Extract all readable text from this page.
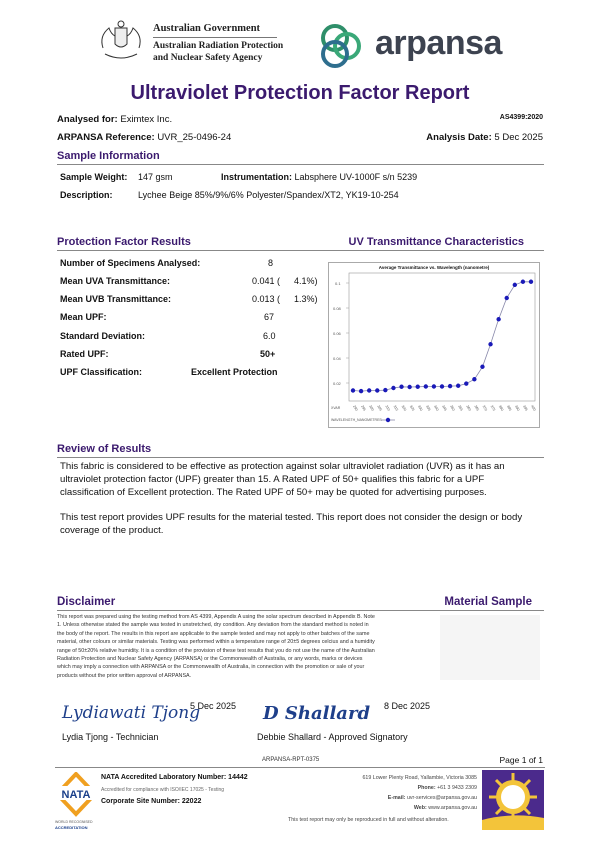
Australian Government
Australian Radiation Protection
and Nuclear Safety Agency	arpansa
Ultraviolet Protection Factor Report
Analysed for: Eximtex Inc.	AS4399:2020
ARPANSA Reference: UVR_25-0496-24	Analysis Date: 5 Dec 2025
Sample Information
Sample Weight: 147 gsm	Instrumentation: Labsphere UV-1000F s/n 5239
Description:	Lychee Beige 85%/9%/6% Polyester/Spandex/XT2, YK19-10-254
Protection Factor Results	UV Transmittance Characteristics
Number of Specimens Analysed:	8
Mean UVA Transmittance:	0.041 ( 4.1%)
Mean UVB Transmittance:	0.013 ( 1.3%)
Mean UPF:	67
Standard Deviation:	6.0
Rated UPF:	50+
UPF Classification:	Excellent Protection
Average Transmittance vs. Wavelength (nanometre)
0.1
0.08
0.06
0.04
0.02
290 295 300 305 310 315 320 325 330 335 340 345 350 355 360 365 370 375 380 385 390 395 400
XVAR
WAVELENGTH_NANOMETRES
Review of Results

This fabric is considered to be effective as protection against solar ultraviolet radiation (UVR) as it has an ultraviolet protection factor (UPF) greater than 15. A Rated UPF of 50+ qualifies this fabric for a UPF classification of Excellent protection. The Rated UPF of 50+ may be quoted for advertising purposes.

This test report provides UPF results for the material tested. This report does not consider the design or body coverage of the product.

Disclaimer	Material Sample
This report was prepared using the testing method from AS 4399, Appendix A using the solar spectrum described in Appendix B. Note 1. Unless otherwise stated the sample was tested in unstretched, dry condition. Any deviation from the standard method is noted in the body of the report. The results in this report are applicable to the sample tested and may not apply to other batches of the same material, other colours or similar materials. Testing was performed within a temperature range of 20±5 degrees celcius and a humidity range of 50±20% relative humidity. It is a condition of the provision of these test results that you do not use the name of the Australian Radiation Protection and Nuclear Safety Agency (ARPANSA) or the Commonwealth of Australia, or any words, marks or devices which may imply a connection with ARPANSA or the Commonwealth of Australia, in connection with the promotion or sale of your products without the prior written approval of ARPANSA.
Lydiawati Tjong
5 Dec 2025 D Shallard 8 Dec 2025
Lydia Tjong - Technician	Debbie Shallard - Approved Signatory
ARPANSA-RPT-0375	Page 1 of 1
NATA
WORLD RECOGNISED
ACCREDITATION
NATA Accredited Laboratory Number: 14442
Accredited for compliance with ISO/IEC 17025 - Testing
Corporate Site Number: 22022
619 Lower Plenty Road, Yallambie, Victoria 3085
Phone: +61 3 9433 2309
E-mail: uvr-services@arpansa.gov.au
Web: www.arpansa.gov.au
This test report may only be reproduced in full and without alteration.
